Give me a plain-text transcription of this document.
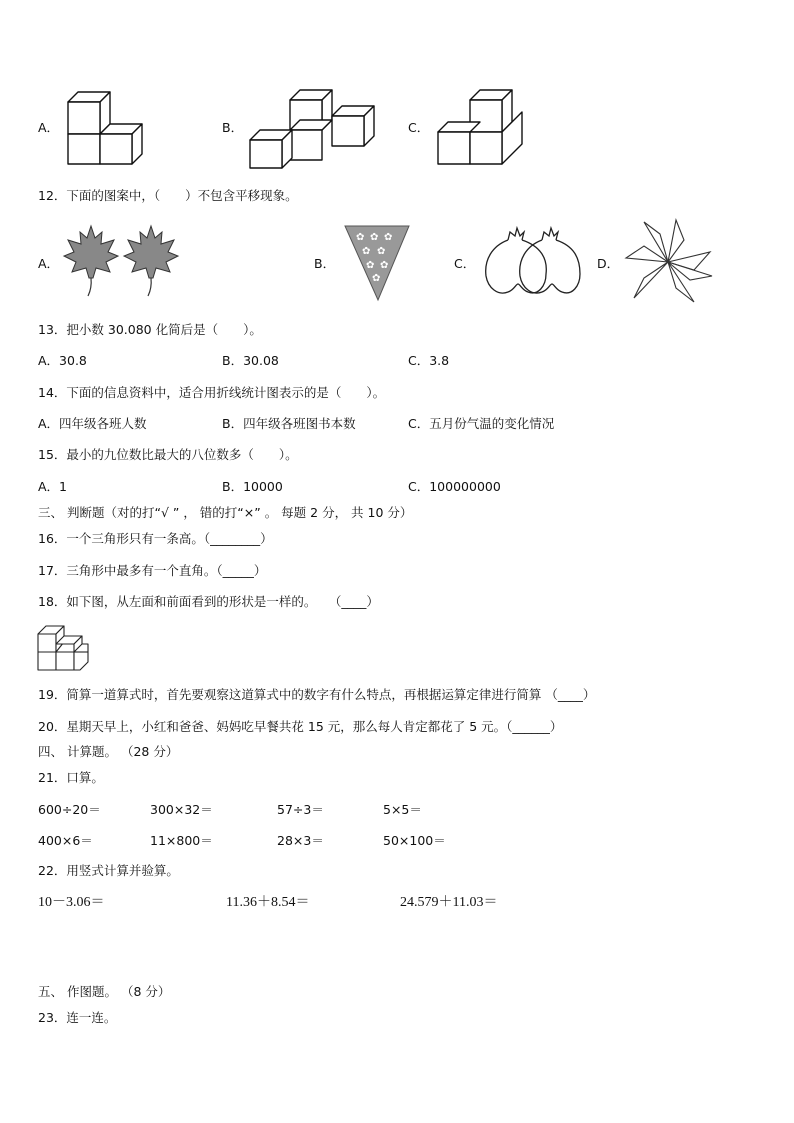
A．	B．	C．
12．下面的图案中，（　　）不包含平移现象。
A．	B．
✿ ✿ ✿
✿ ✿
✿ ✿
✿
C．	D．
13．把小数 30.080 化简后是（　　）。
A．30.8	B．30.08	C．3.8
14．下面的信息资料中，适合用折线统计图表示的是（　　）。
A．四年级各班人数	B．四年级各班图书本数	C．五月份气温的变化情况
15．最小的九位数比最大的八位数多（　　）。
A．1	B．10000	C．100000000
三、 判断题（对的打“√ ” ， 错的打“×” 。 每题 2 分， 共 10 分）
16．一个三角形只有一条高。（________）
17．三角形中最多有一个直角。（_____）
18．如下图，从左面和前面看到的形状是一样的。　　（____）
19．简算一道算式时，首先要观察这道算式中的数字有什么特点，再根据运算定律进行简算 （____）
20．星期天早上，小红和爸爸、妈妈吃早餐共花 15 元，那么每人肯定都花了 5 元。（______）
四、 计算题。 （28 分）
21．口算。
600÷20＝	300×32＝	57÷3＝	5×5＝
400×6＝	11×800＝	28×3＝	50×100＝
22．用竖式计算并验算。
10－3.06＝	11.36＋8.54＝	24.579＋11.03＝
五、 作图题。 （8 分）
23．连一连。
